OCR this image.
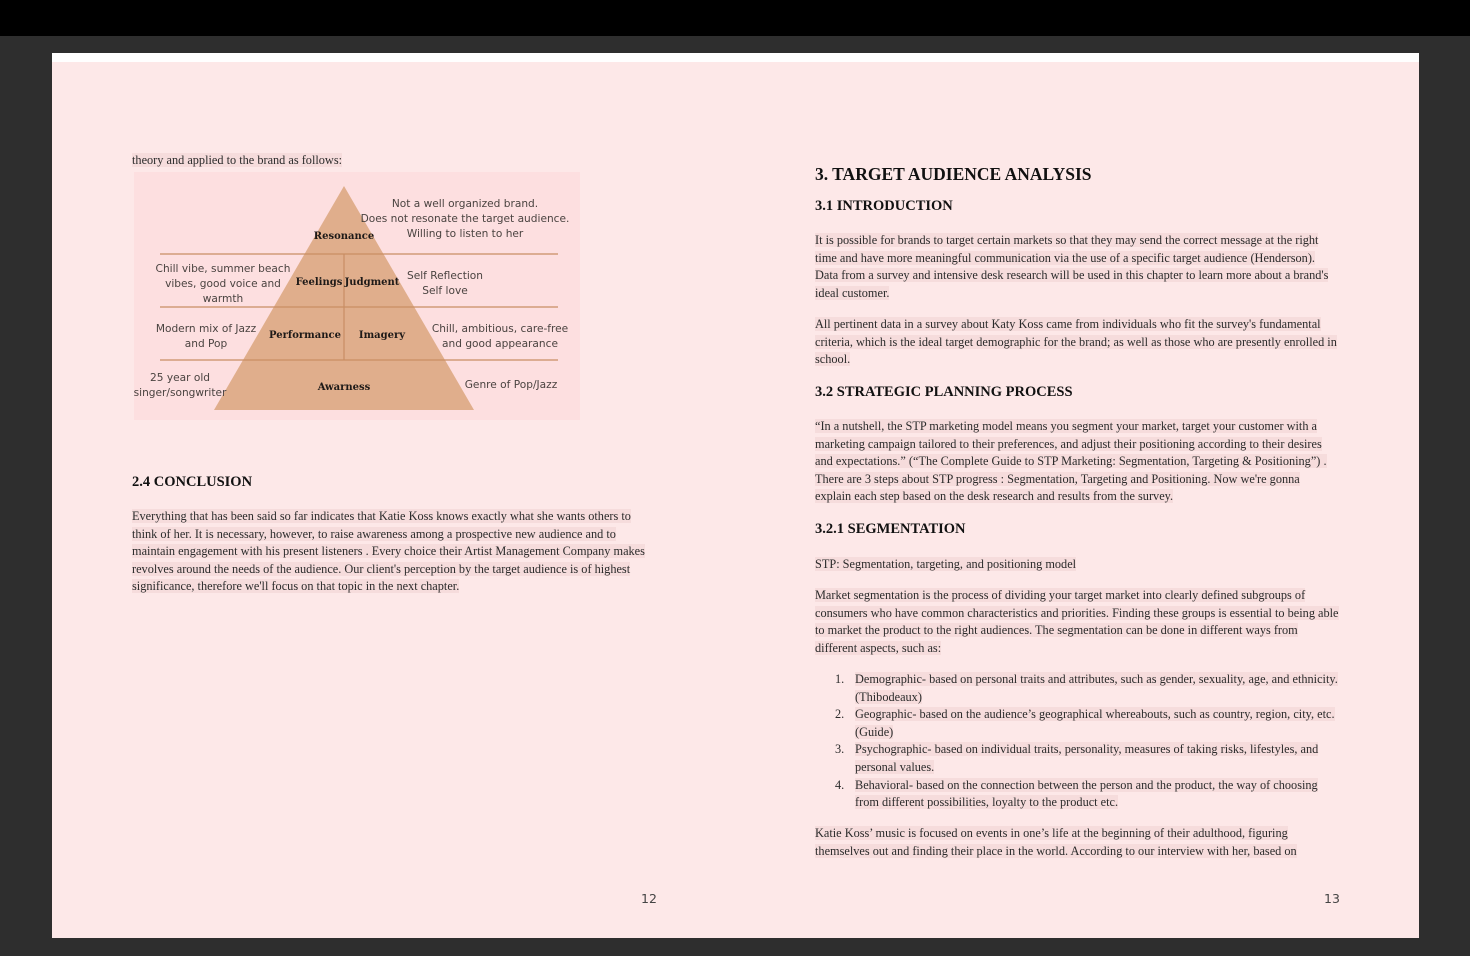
theory and applied to the brand as follows:
Resonance
Feelings Judgment
Performance Imagery
Awarness
Not a well organized brand.
Does not resonate the target audience.
Willing to listen to her
Chill vibe, summer beach
vibes, good voice and
warmth
Self Reflection
Self love
Modern mix of Jazz
and Pop
Chill, ambitious, care-free
and good appearance
25 year old
singer/songwriter
Genre of Pop/Jazz
2.4 CONCLUSION
Everything that has been said so far indicates that Katie Koss knows exactly what she wants others to
think of her. It is necessary, however, to raise awareness among a prospective new audience and to
maintain engagement with his present listeners . Every choice their Artist Management Company makes
revolves around the needs of the audience. Our client's perception by the target audience is of highest
significance, therefore we'll focus on that topic in the next chapter.
12
3. TARGET AUDIENCE ANALYSIS
3.1 INTRODUCTION
It is possible for brands to target certain markets so that they may send the correct message at the right
time and have more meaningful communication via the use of a specific target audience (Henderson).
Data from a survey and intensive desk research will be used in this chapter to learn more about a brand's
ideal customer.
All pertinent data in a survey about Katy Koss came from individuals who fit the survey's fundamental
criteria, which is the ideal target demographic for the brand; as well as those who are presently enrolled in
school.
3.2 STRATEGIC PLANNING PROCESS
“In a nutshell, the STP marketing model means you segment your market, target your customer with a
marketing campaign tailored to their preferences, and adjust their positioning according to their desires
and expectations.” (“The Complete Guide to STP Marketing: Segmentation, Targeting & Positioning”) .
There are 3 steps about STP progress : Segmentation, Targeting and Positioning. Now we're gonna
explain each step based on the desk research and results from the survey.
3.2.1 SEGMENTATION
STP: Segmentation, targeting, and positioning model
Market segmentation is the process of dividing your target market into clearly defined subgroups of
consumers who have common characteristics and priorities. Finding these groups is essential to being able
to market the product to the right audiences. The segmentation can be done in different ways from
different aspects, such as:
1. Demographic- based on personal traits and attributes, such as gender, sexuality, age, and ethnicity.
(Thibodeaux)
2. Geographic- based on the audience’s geographical whereabouts, such as country, region, city, etc.
(Guide)
3. Psychographic- based on individual traits, personality, measures of taking risks, lifestyles, and
personal values.
4. Behavioral- based on the connection between the person and the product, the way of choosing
from different possibilities, loyalty to the product etc.
Katie Koss’ music is focused on events in one’s life at the beginning of their adulthood, figuring
themselves out and finding their place in the world. According to our interview with her, based on
13
